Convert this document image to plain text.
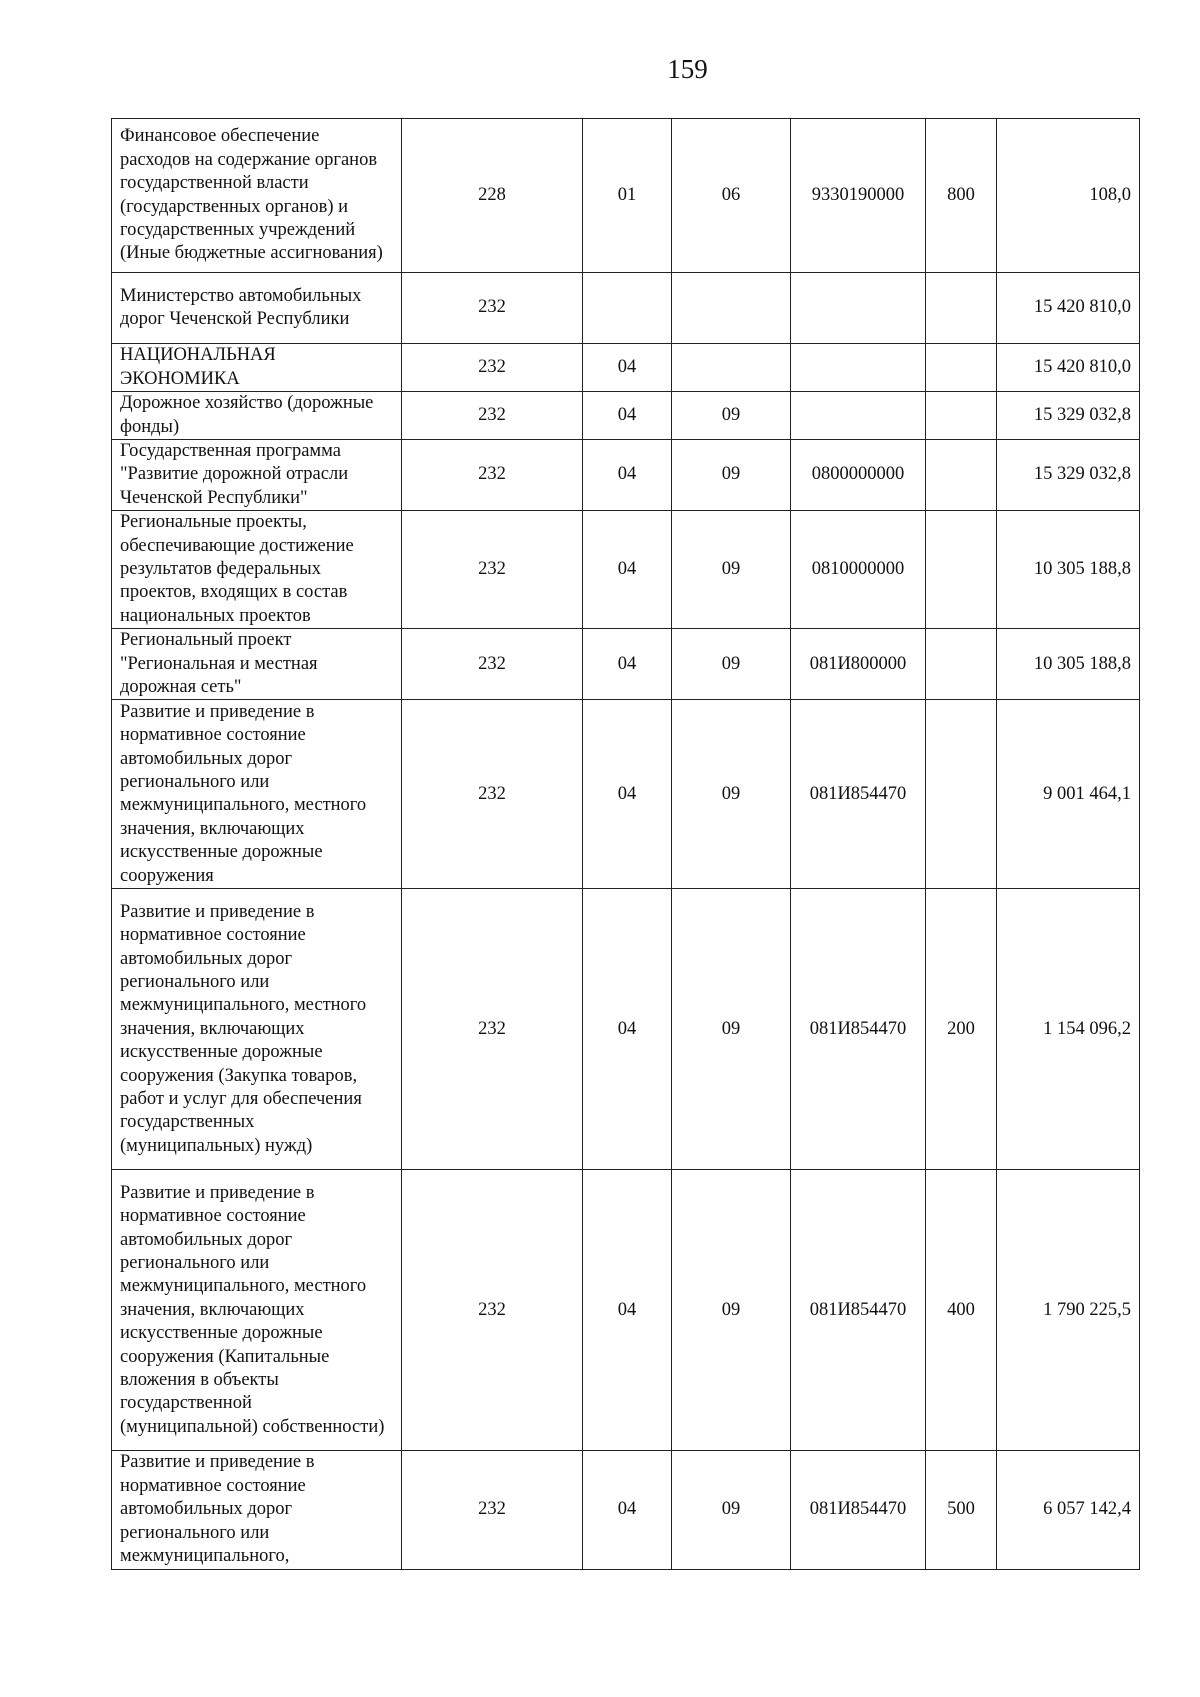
159
Финансовое обеспечение расходов на содержание органов государственной власти (государственных органов) и государственных учреждений (Иные бюджетные ассигнования)	228	01	06	9330190000	800	108,0
Министерство автомобильных дорог Чеченской Республики	232					15 420 810,0
НАЦИОНАЛЬНАЯ ЭКОНОМИКА	232	04				15 420 810,0
Дорожное хозяйство (дорожные фонды)	232	04	09			15 329 032,8
Государственная программа "Развитие дорожной отрасли Чеченской Республики"	232	04	09	0800000000		15 329 032,8
Региональные проекты, обеспечивающие достижение результатов федеральных проектов, входящих в состав национальных проектов	232	04	09	0810000000		10 305 188,8
Региональный проект "Региональная и местная дорожная сеть"	232	04	09	081И800000		10 305 188,8
Развитие и приведение в нормативное состояние автомобильных дорог регионального или межмуниципального, местного значения, включающих искусственные дорожные сооружения	232	04	09	081И854470		9 001 464,1
Развитие и приведение в нормативное состояние автомобильных дорог регионального или межмуниципального, местного значения, включающих искусственные дорожные сооружения (Закупка товаров, работ и услуг для обеспечения государственных (муниципальных) нужд)	232	04	09	081И854470	200	1 154 096,2
Развитие и приведение в нормативное состояние автомобильных дорог регионального или межмуниципального, местного значения, включающих искусственные дорожные сооружения (Капитальные вложения в объекты государственной (муниципальной) собственности)	232	04	09	081И854470	400	1 790 225,5
Развитие и приведение в нормативное состояние автомобильных дорог регионального или межмуниципального,	232	04	09	081И854470	500	6 057 142,4
